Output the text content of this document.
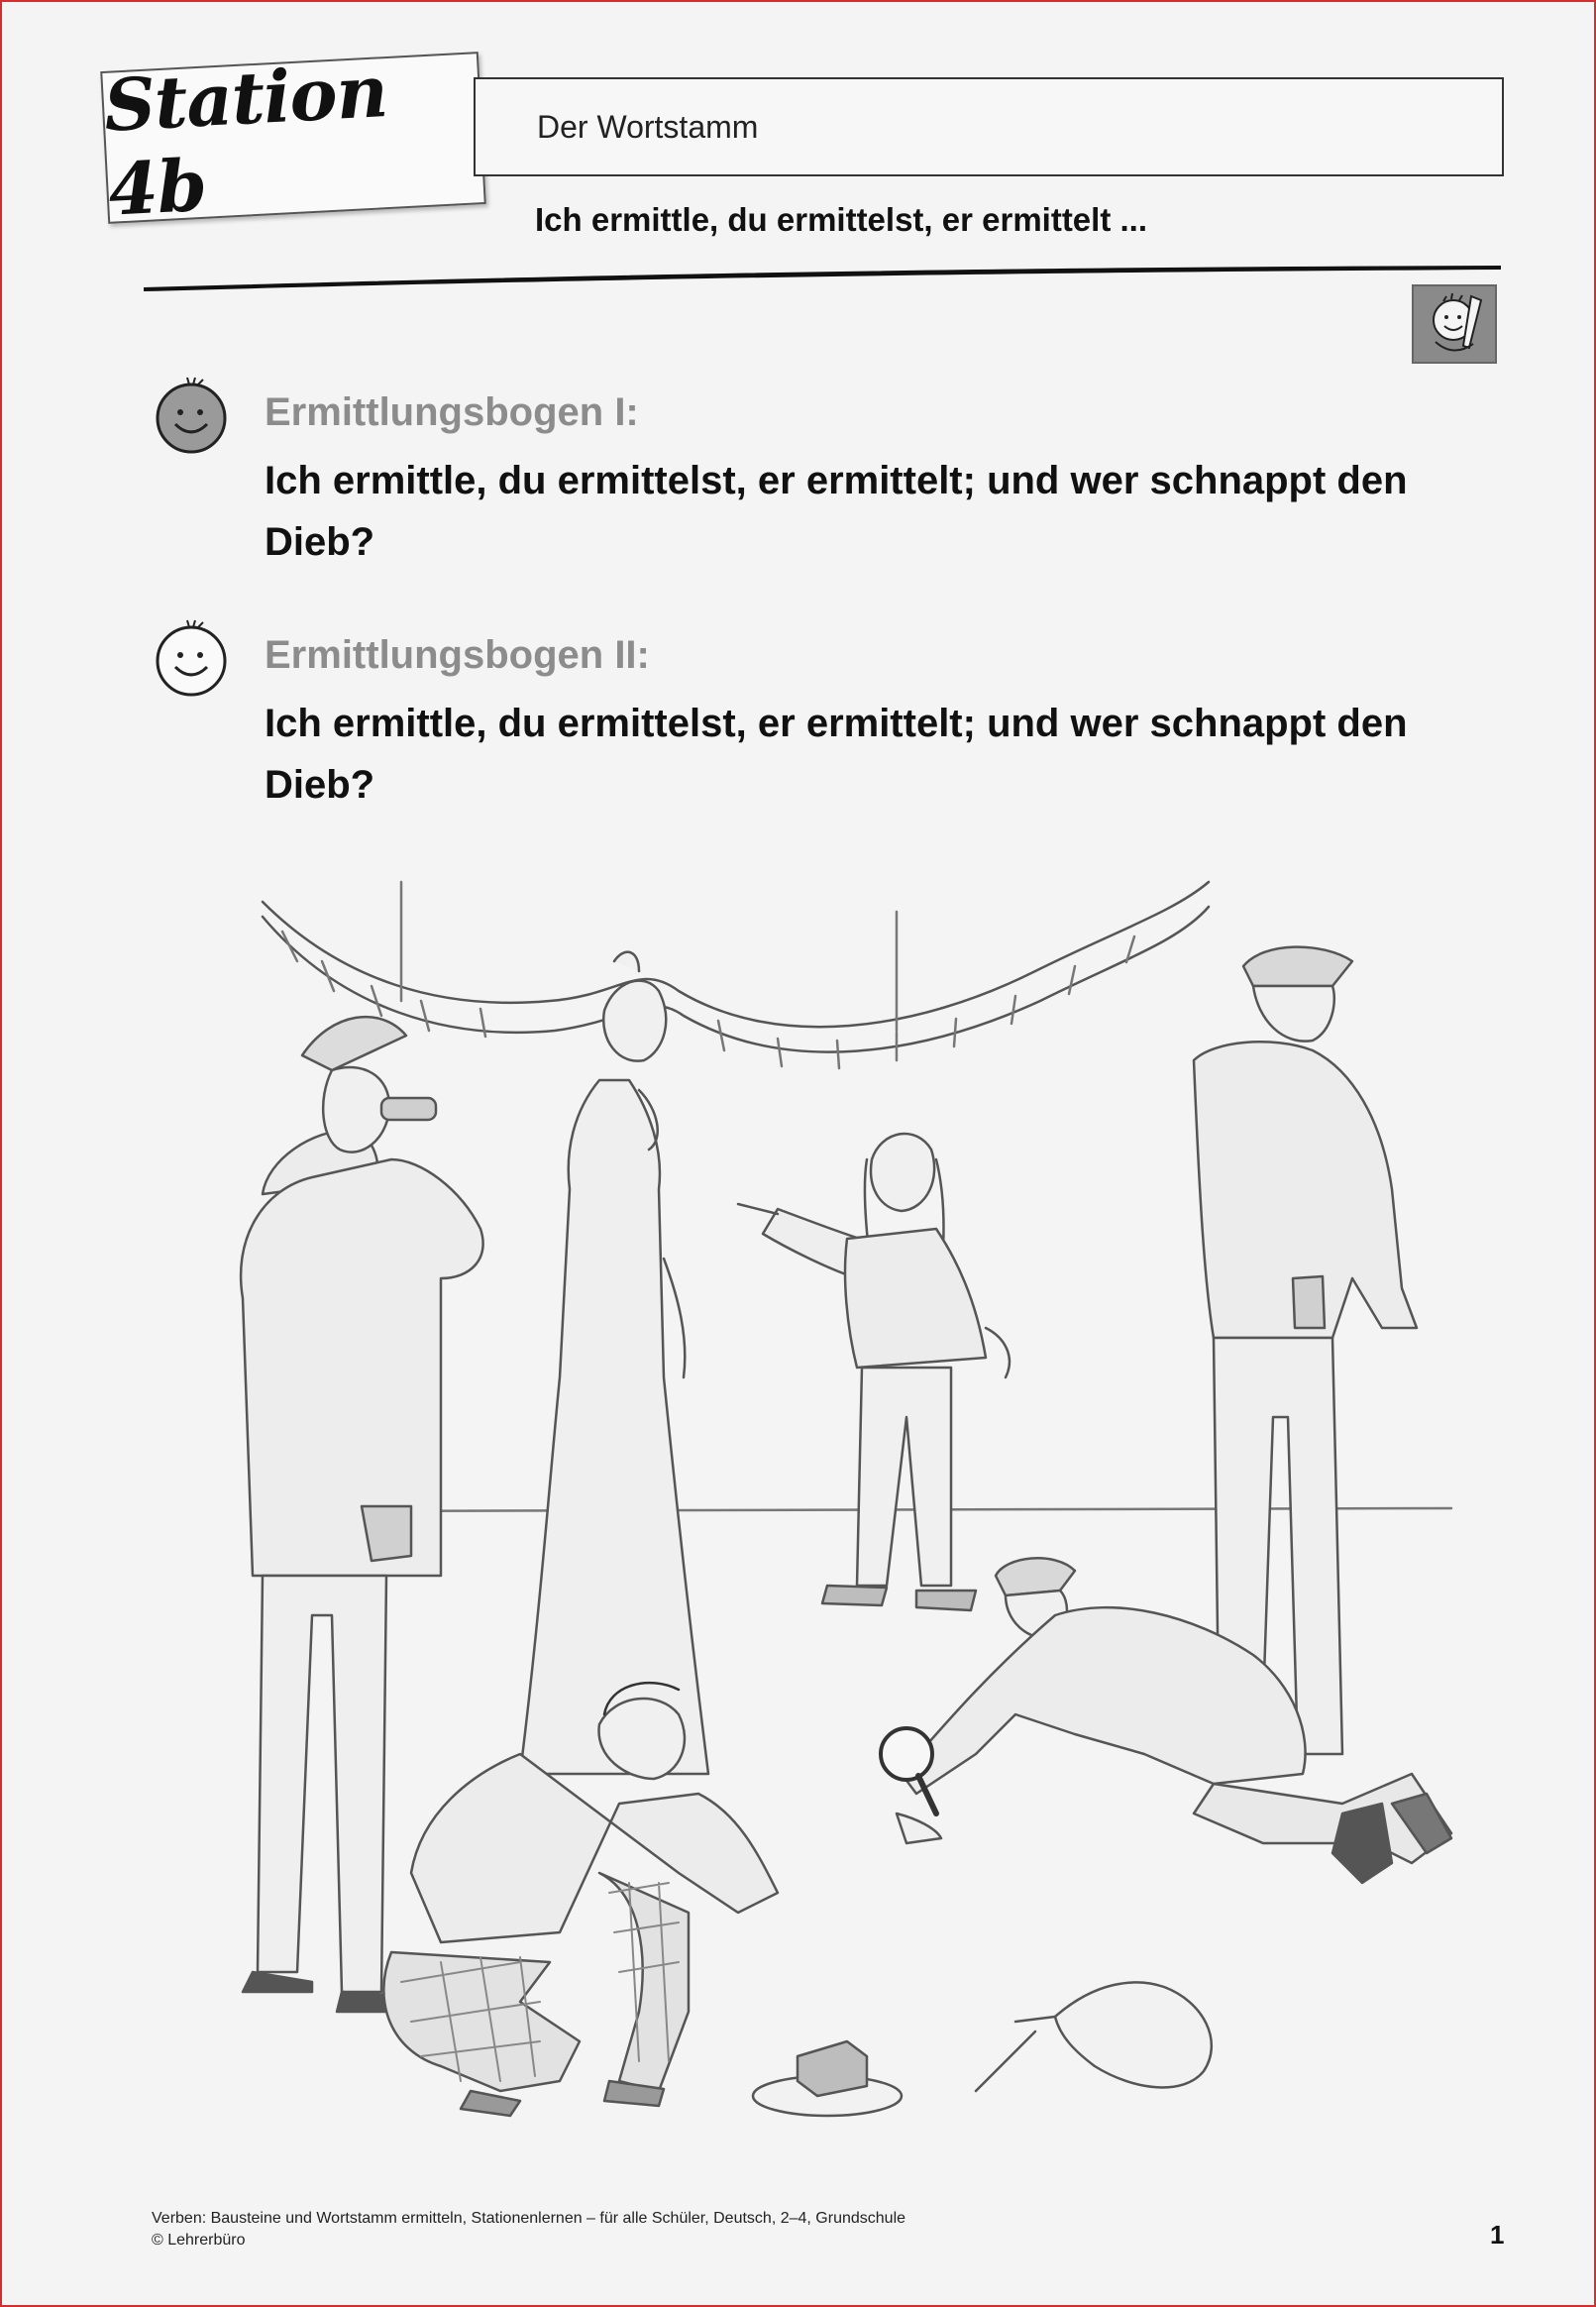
Station 4b
Der Wortstamm
Ich ermittle, du ermittelst, er ermittelt ...
Ermittlungsbogen I:
Ich ermittle, du ermittelst, er ermittelt; und wer schnappt den Dieb?
Ermittlungsbogen II:
Ich ermittle, du ermittelst, er ermittelt; und wer schnappt den Dieb?
Verben: Bausteine und Wortstamm ermitteln, Stationenlernen – für alle Schüler, Deutsch, 2–4, Grundschule
© Lehrerbüro	1
